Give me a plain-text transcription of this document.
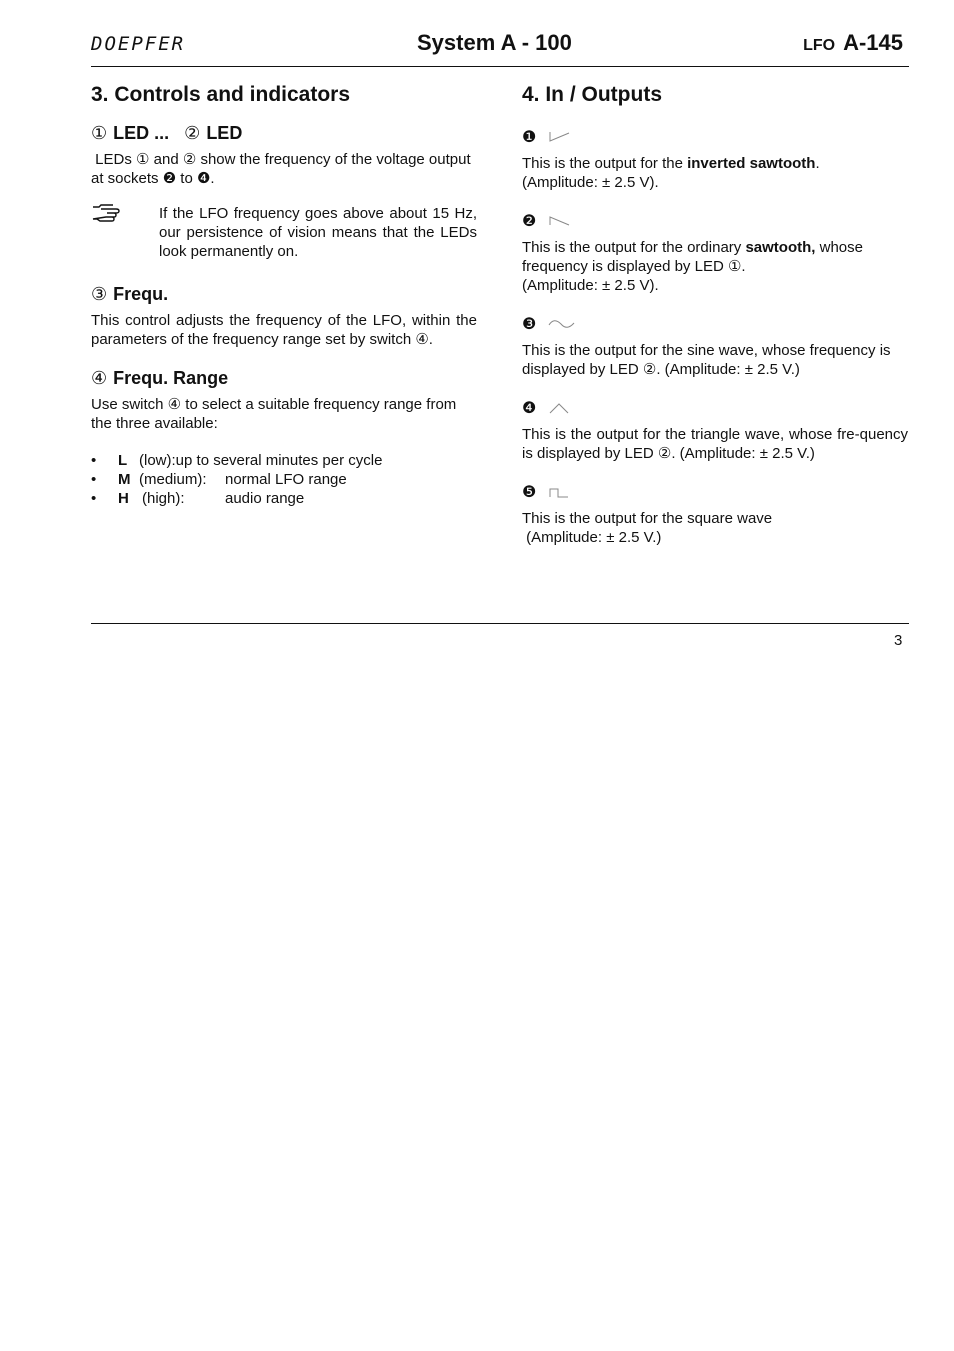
DOEPFER	System A - 100	LFO A-145
3. Controls and indicators
① LED ... ② LED

LEDs ① and ② show the frequency of the voltage output at sockets ❷ to ❹.

If the LFO frequency goes above about 15 Hz, our persistence of vision means that the LEDs look permanently on.
③ Frequ.

This control adjusts the frequency of the LFO, within the parameters of the frequency range set by switch ④.

④ Frequ. Range

Use switch ④ to select a suitable frequency range from the three available:

•	L (low): up to several minutes per cycle
•	M (medium):	normal LFO range
•	H (high):	audio range
4. In / Outputs
❶

This is the output for the inverted sawtooth.
(Amplitude: ± 2.5 V).

❷

This is the output for the ordinary sawtooth, whose frequency is displayed by LED ①.
(Amplitude: ± 2.5 V).

❸

This is the output for the sine wave, whose frequency is displayed by LED ②. (Amplitude: ± 2.5 V.)

❹

This is the output for the triangle wave, whose fre-quency is displayed by LED ②. (Amplitude: ± 2.5 V.)

❺

This is the output for the square wave
(Amplitude: ± 2.5 V.)

3
